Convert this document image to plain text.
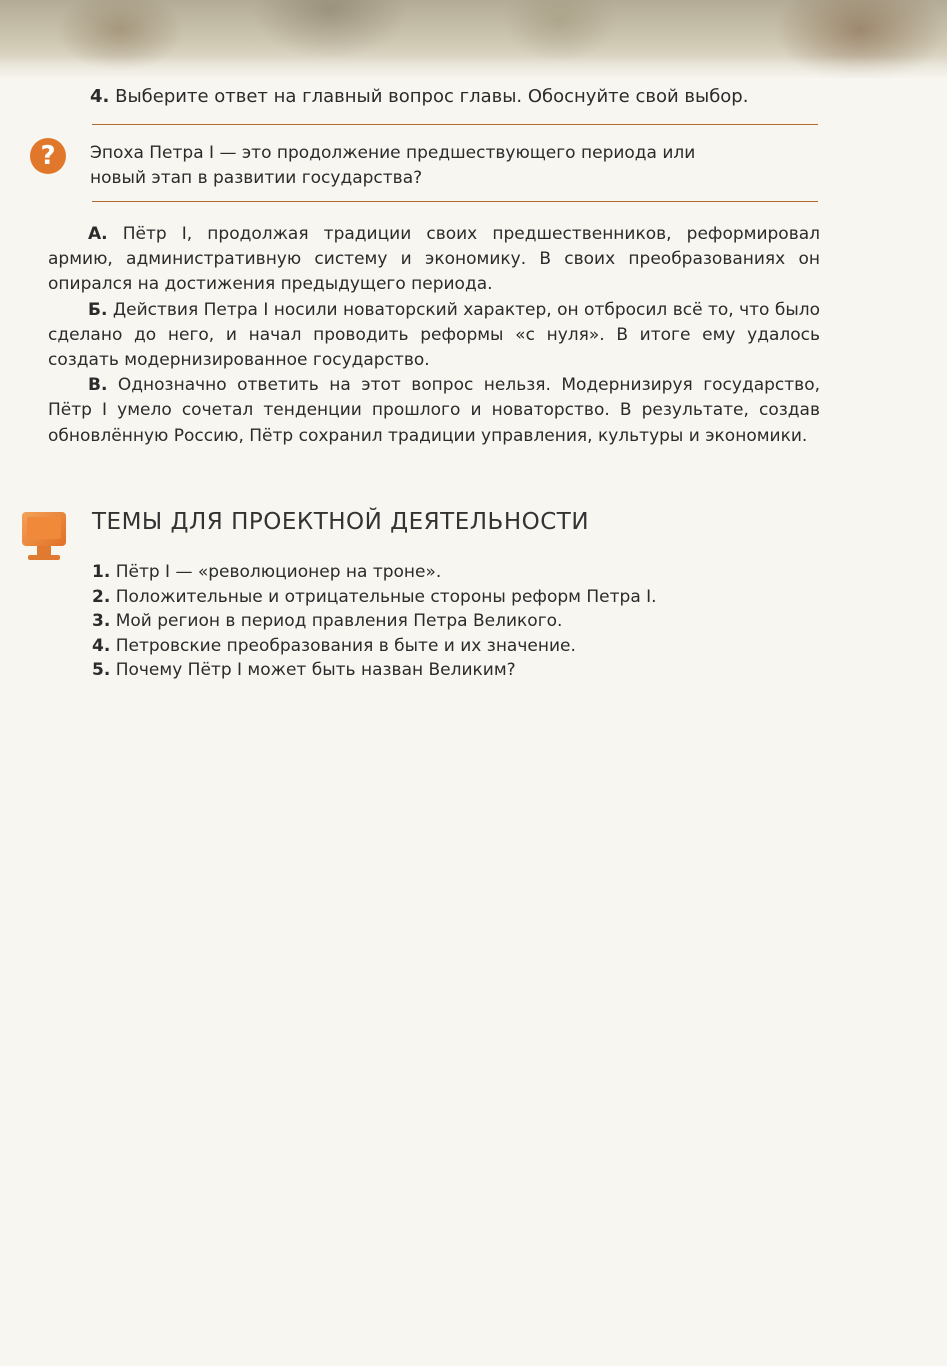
4. Выберите ответ на главный вопрос главы. Обоснуйте свой выбор.
?	Эпоха Петра I — это продолжение предшествующего периода или
новый этап в развитии государства?

А. Пётр I, продолжая традиции своих предшественников, реформировал армию, административную систему и экономику. В своих преобразованиях он опирался на достижения предыдущего периода.

Б. Действия Петра I носили новаторский характер, он отбросил всё то, что было сделано до него, и начал проводить реформы «с нуля». В итоге ему удалось создать модернизированное государство.

В. Однозначно ответить на этот вопрос нельзя. Модернизируя государство, Пётр I умело сочетал тенденции прошлого и новаторство. В результате, создав обновлённую Россию, Пётр сохранил традиции управления, культуры и экономики.

ТЕМЫ ДЛЯ ПРОЕКТНОЙ ДЕЯТЕЛЬНОСТИ
1. Пётр I — «революционер на троне».
2. Положительные и отрицательные стороны реформ Петра I.
3. Мой регион в период правления Петра Великого.
4. Петровские преобразования в быте и их значение.
5. Почему Пётр I может быть назван Великим?
